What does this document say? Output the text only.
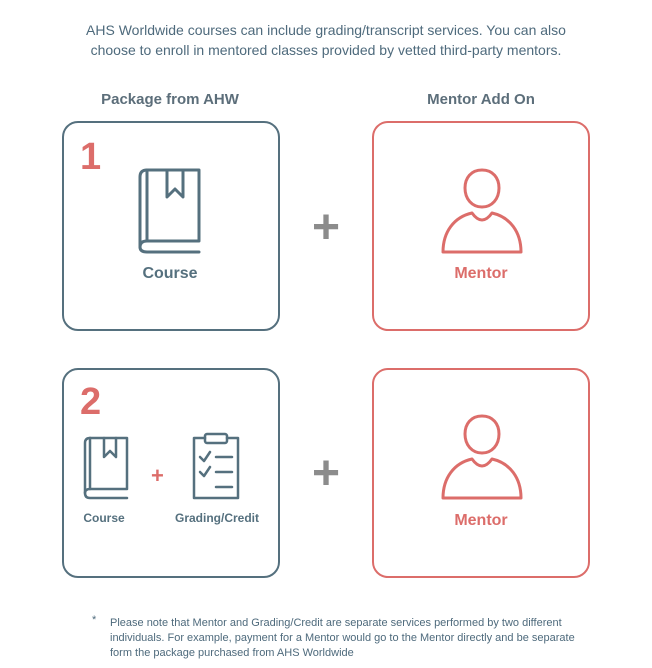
AHS Worldwide courses can include grading/transcript services. You can also
choose to enroll in mentored classes provided by vetted third-party mentors.
Package from AHW	Mentor Add On
1
Course
+
Mentor
2
Course
+
Grading/Credit
+
Mentor
* Please note that Mentor and Grading/Credit are separate services performed by two different individuals. For example, payment for a Mentor would go to the Mentor directly and be separate form the package purchased from AHS Worldwide
